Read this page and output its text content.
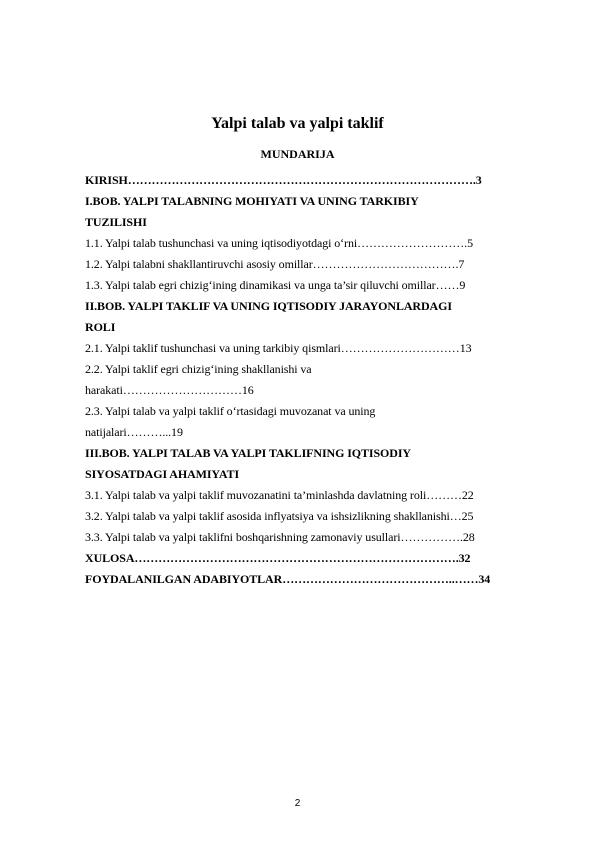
Yalpi talab va yalpi taklif
MUNDARIJA
KIRISH…………………………………………………………………………….3
I.BOB. YALPI TALABNING MOHIYATI VA UNING TARKIBIY
TUZILISHI
1.1. Yalpi talab tushunchasi va uning iqtisodiyotdagi o‘rni……………………….5
1.2. Yalpi talabni shakllantiruvchi asosiy omillar……………………………….7
1.3. Yalpi talab egri chizig‘ining dinamikasi va unga ta’sir qiluvchi omillar……9
II.BOB. YALPI TAKLIF VA UNING IQTISODIY JARAYONLARDAGI
ROLI
2.1. Yalpi taklif tushunchasi va uning tarkibiy qismlari…………………………13
2.2. Yalpi taklif egri chizig‘ining shakllanishi va
harakati…………………………16
2.3. Yalpi talab va yalpi taklif o‘rtasidagi muvozanat va uning
natijalari………...19
III.BOB. YALPI TALAB VA YALPI TAKLIFNING IQTISODIY
SIYOSATDAGI AHAMIYATI
3.1. Yalpi talab va yalpi taklif muvozanatini ta’minlashda davlatning roli………22
3.2. Yalpi talab va yalpi taklif asosida inflyatsiya va ishsizlikning shakllanishi…25
3.3. Yalpi talab va yalpi taklifni boshqarishning zamonaviy usullari…………….28
XULOSA……………………………………………………………………….32
FOYDALANILGAN ADABIYOTLAR……………………………………..……34
2
